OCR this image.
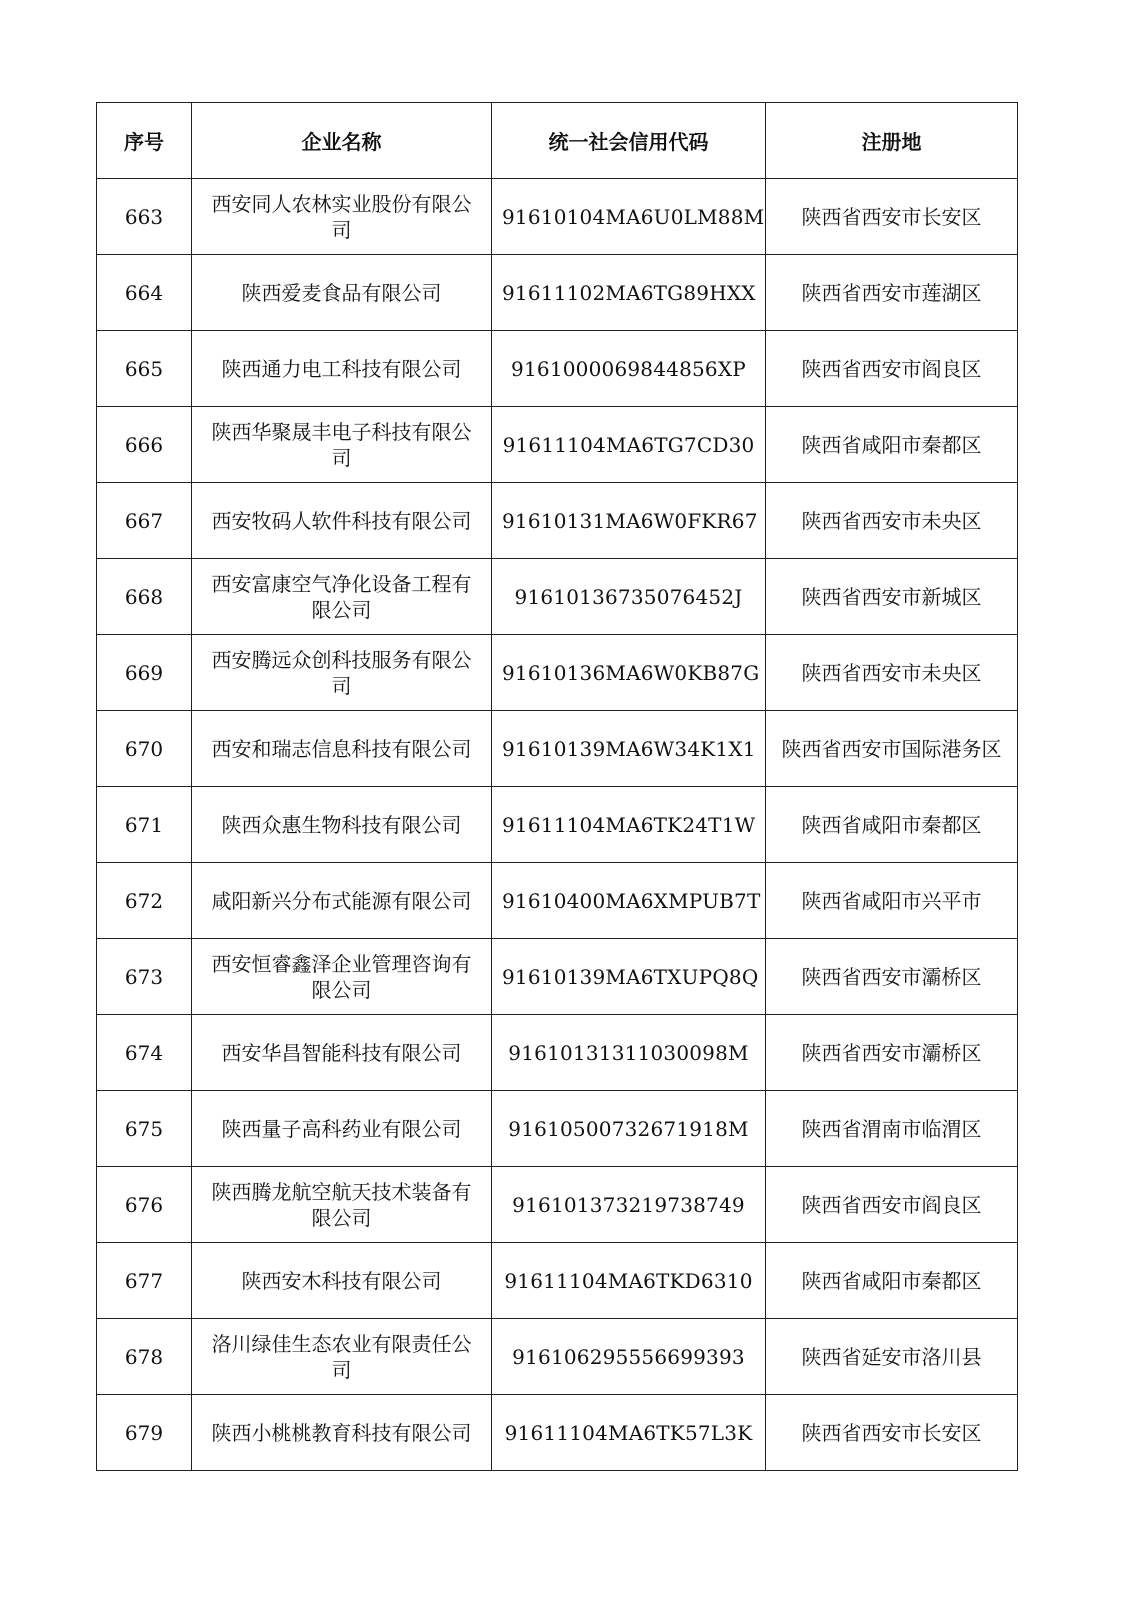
序号	企业名称	统一社会信用代码	注册地
663	西安同人农林实业股份有限公司	91610104MA6U0LM88M	陕西省西安市长安区
664	陕西爱麦食品有限公司	91611102MA6TG89HXX	陕西省西安市莲湖区
665	陕西通力电工科技有限公司	9161000069844856XP	陕西省西安市阎良区
666	陕西华聚晟丰电子科技有限公司	91611104MA6TG7CD30	陕西省咸阳市秦都区
667	西安牧码人软件科技有限公司	91610131MA6W0FKR67	陕西省西安市未央区
668	西安富康空气净化设备工程有限公司	91610136735076452J	陕西省西安市新城区
669	西安腾远众创科技服务有限公司	91610136MA6W0KB87G	陕西省西安市未央区
670	西安和瑞志信息科技有限公司	91610139MA6W34K1X1	陕西省西安市国际港务区
671	陕西众惠生物科技有限公司	91611104MA6TK24T1W	陕西省咸阳市秦都区
672	咸阳新兴分布式能源有限公司	91610400MA6XMPUB7T	陕西省咸阳市兴平市
673	西安恒睿鑫泽企业管理咨询有限公司	91610139MA6TXUPQ8Q	陕西省西安市灞桥区
674	西安华昌智能科技有限公司	91610131311030098M	陕西省西安市灞桥区
675	陕西量子高科药业有限公司	91610500732671918M	陕西省渭南市临渭区
676	陕西腾龙航空航天技术装备有限公司	916101373219738749	陕西省西安市阎良区
677	陕西安木科技有限公司	91611104MA6TKD6310	陕西省咸阳市秦都区
678	洛川绿佳生态农业有限责任公司	916106295556699393	陕西省延安市洛川县
679	陕西小桃桃教育科技有限公司	91611104MA6TK57L3K	陕西省西安市长安区
